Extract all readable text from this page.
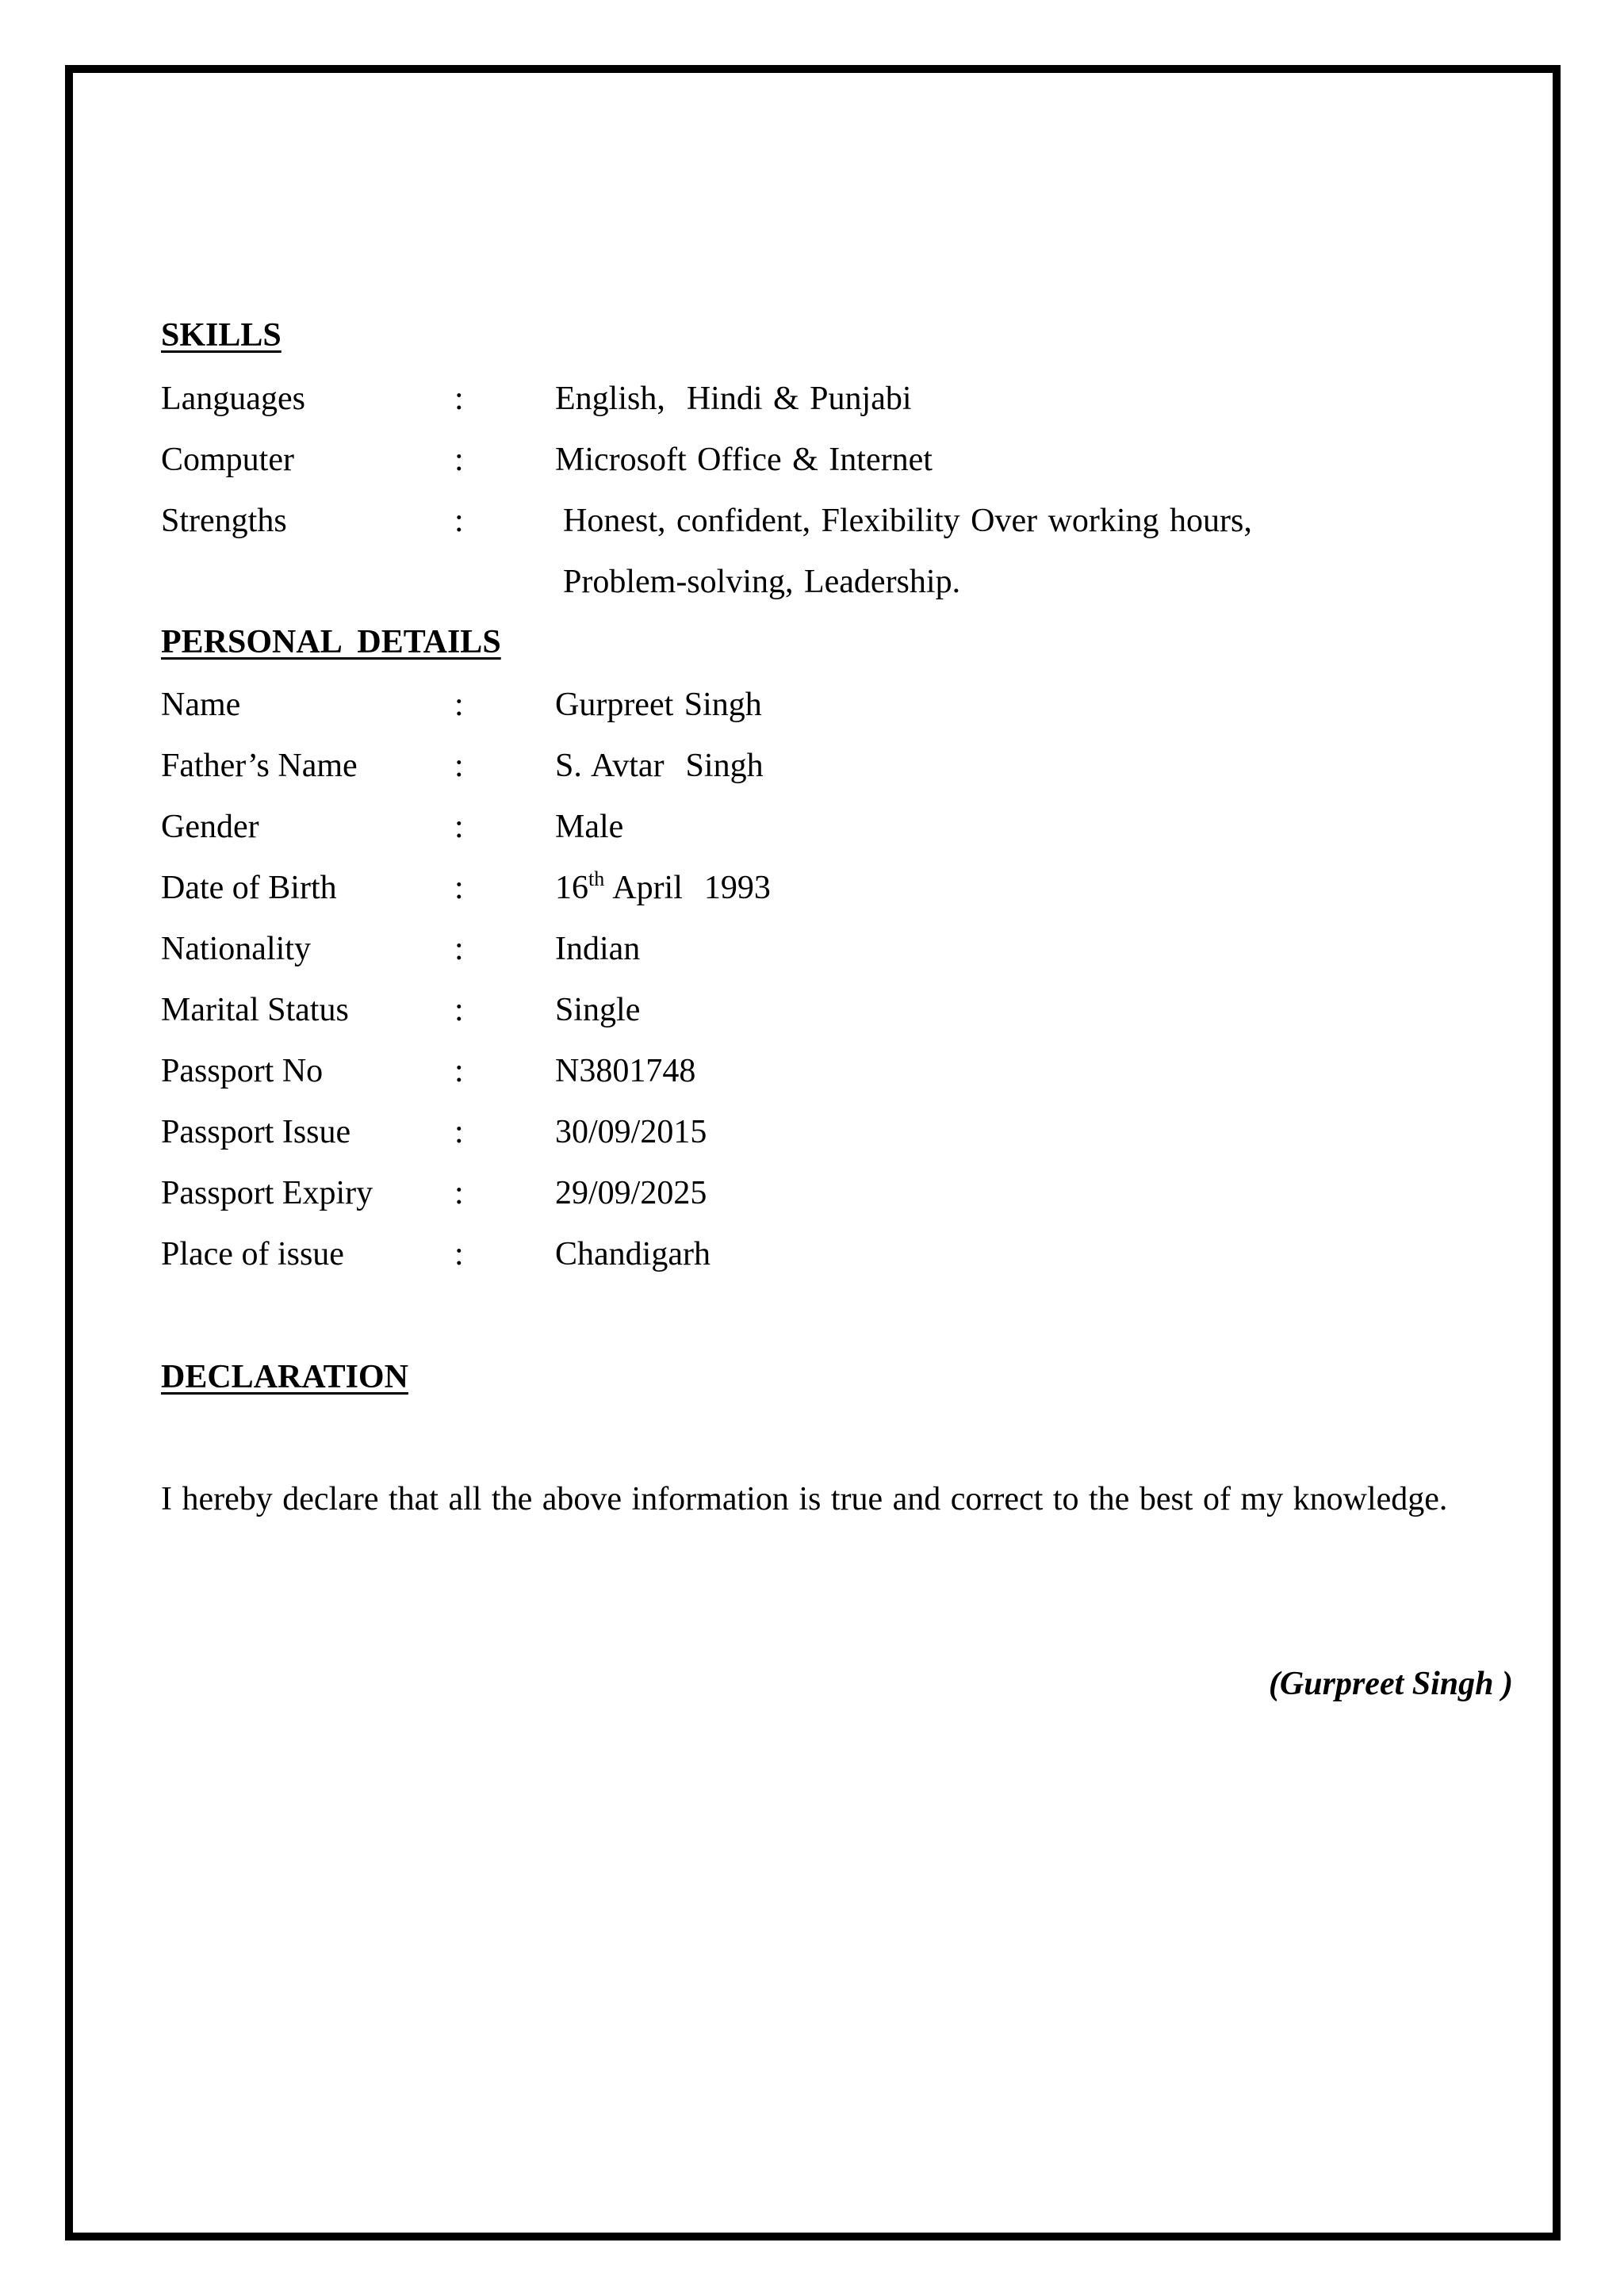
SKILLS
Languages	:	English,  Hindi & Punjabi
Computer	:	Microsoft Office & Internet
Strengths	:	Honest, confident, Flexibility Over working hours,
Problem-solving, Leadership.
PERSONAL  DETAILS
Name	:	Gurpreet Singh
Father’s Name	:	S. Avtar  Singh
Gender	:	Male
Date of Birth	:	16th April  1993
Nationality	:	Indian
Marital Status	:	Single
Passport No	:	N3801748
Passport Issue	:	30/09/2015
Passport Expiry :	29/09/2025
Place of issue	:	Chandigarh
DECLARATION
I hereby declare that all the above information is true and correct to the best of my knowledge.
(Gurpreet Singh )
